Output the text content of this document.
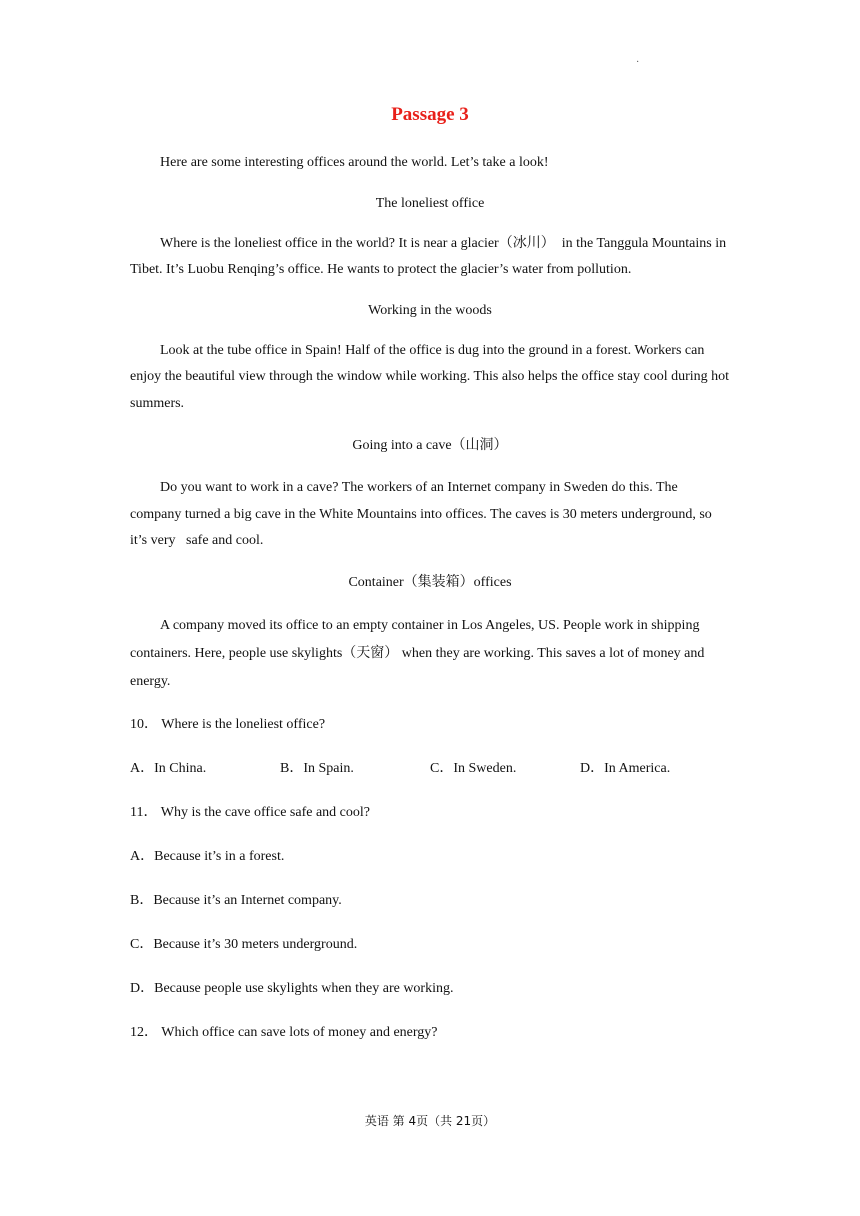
·
Passage 3

Here are some interesting offices around the world. Let’s take a look!

The loneliest office

Where is the loneliest office in the world? It is near a glacier（冰川）  in the Tanggula Mountains in Tibet. It’s Luobu Renqing’s office. He wants to protect the glacier’s water from pollution.

Working in the woods

Look at the tube office in Spain! Half of the office is dug into the ground in a forest. Workers can enjoy the beautiful view through the window while working. This also helps the office stay cool during hot summers.

Going into a cave（山洞）

Do you want to work in a cave? The workers of an Internet company in Sweden do this. The company turned a big cave in the White Mountains into offices. The caves is 30 meters underground, so   it’s very   safe and cool.

Container（集装箱）offices

A company moved its office to an empty container in Los Angeles, US. People work in shipping containers. Here, people use skylights（天窗） when they are working. This saves a lot of money and energy.

10． Where is the loneliest office?

A．In China.	B．In Spain.	C．In Sweden.	D．In America.

11． Why is the cave office safe and cool?

A．Because it’s in a forest.

B．Because it’s an Internet company.

C．Because it’s 30 meters underground.

D．Because people use skylights when they are working.

12． Which office can save lots of money and energy?

英语 第 4页（共 21页）
